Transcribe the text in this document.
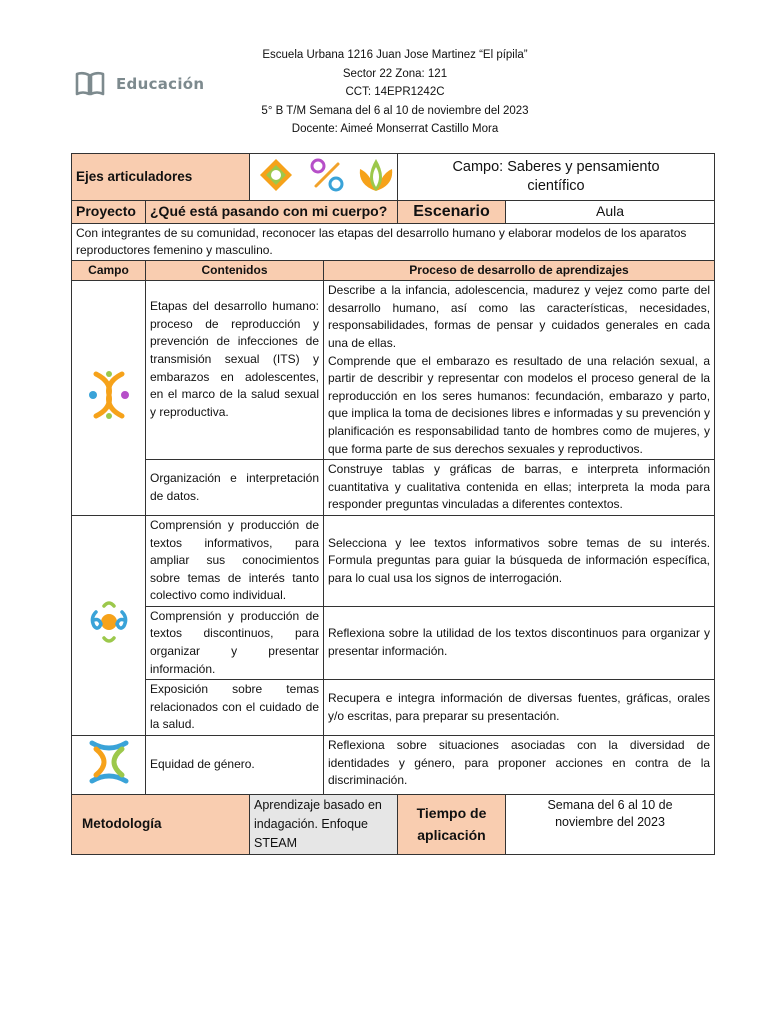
Educación
Escuela Urbana 1216 Juan Jose Martinez “El pípila”
Sector 22 Zona: 121
CCT: 14EPR1242C
5° B T/M Semana del 6 al 10 de noviembre del 2023
Docente: Aimeé Monserrat Castillo Mora
Ejes articuladores				Campo: Saberes y pensamiento científico	
Proyecto	¿Qué está pasando con mi cuerpo?			Escenario	Aula
Con integrantes de su comunidad, reconocer las etapas del desarrollo humano y elaborar modelos de los aparatos reproductores femenino y masculino.					
Campo	Contenidos		Proceso de desarrollo de aprendizajes		
	Etapas del desarrollo humano: proceso de reproducción y prevención de infecciones de transmisión sexual (ITS) y embarazos en adolescentes, en el marco de la salud sexual y reproductiva.		Describe a la infancia, adolescencia, madurez y vejez como parte del desarrollo humano, así como las características, necesidades, responsabilidades, formas de pensar y cuidados generales en cada una de ellas.
Comprende que el embarazo es resultado de una relación sexual, a partir de describir y representar con modelos el proceso general de la reproducción en los seres humanos: fecundación, embarazo y parto, que implica la toma de decisiones libres e informadas y su prevención y planificación es responsabilidad tanto de hombres como de mujeres, y que forma parte de sus derechos sexuales y reproductivos.		

	Organización e interpretación de datos.		Construye tablas y gráficas de barras, e interpreta información cuantitativa y cualitativa contenida en ellas; interpreta la moda para responder preguntas vinculadas a diferentes contextos.		
	Comprensión y producción de textos informativos, para ampliar sus conocimientos sobre temas de interés tanto colectivo como individual.		Selecciona y lee textos informativos sobre temas de su interés. Formula preguntas para guiar la búsqueda de información específica, para lo cual usa los signos de interrogación.		
	Comprensión y producción de textos discontinuos, para organizar y presentar información.		Reflexiona sobre la utilidad de los textos discontinuos para organizar y presentar información.		
	Exposición sobre temas relacionados con el cuidado de la salud.		Recupera e integra información de diversas fuentes, gráficas, orales y/o escritas, para preparar su presentación.		
	Equidad de género.		Reflexiona sobre situaciones asociadas con la diversidad de identidades y género, para proponer acciones en contra de la discriminación.		
Metodología		Aprendizaje basado en indagación. Enfoque STEAM		Tiempo de aplicación	Semana del 6 al 10 de noviembre del 2023
